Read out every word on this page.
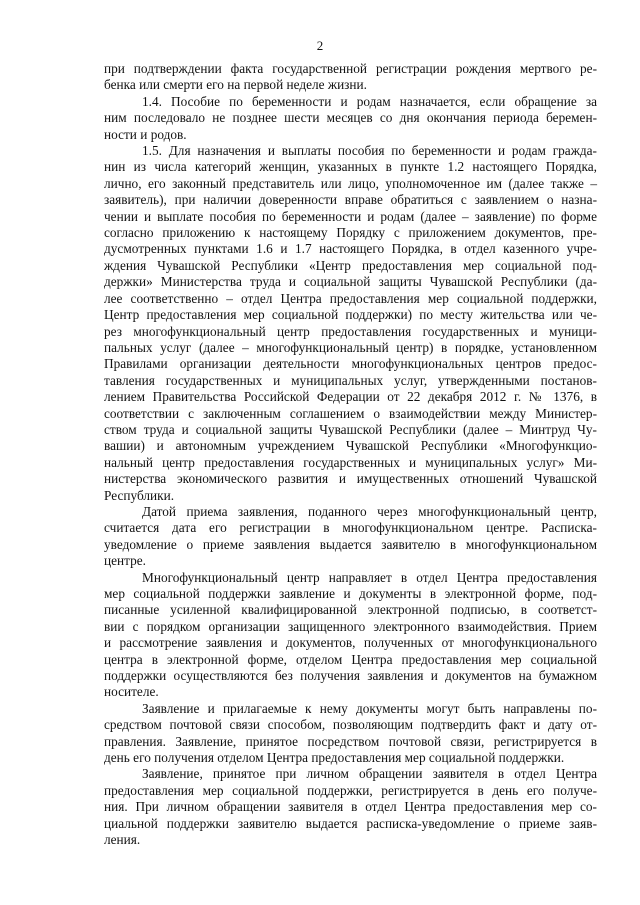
2
при подтверждении факта государственной регистрации рождения мертвого ре-
бенка или смерти его на первой неделе жизни.
1.4. Пособие по беременности и родам назначается, если обращение за
ним последовало не позднее шести месяцев со дня окончания периода беремен-
ности и родов.
1.5. Для назначения и выплаты пособия по беременности и родам гражда-
нин из числа категорий женщин, указанных в пункте 1.2 настоящего Порядка,
лично, его законный представитель или лицо, уполномоченное им (далее также –
заявитель), при наличии доверенности вправе обратиться с заявлением о назна-
чении и выплате пособия по беременности и родам (далее – заявление) по форме
согласно приложению к настоящему Порядку с приложением документов, пре-
дусмотренных пунктами 1.6 и 1.7 настоящего Порядка, в отдел казенного учре-
ждения Чувашской Республики «Центр предоставления мер социальной под-
держки» Министерства труда и социальной защиты Чувашской Республики (да-
лее соответственно – отдел Центра предоставления мер социальной поддержки,
Центр предоставления мер социальной поддержки) по месту жительства или че-
рез многофункциональный центр предоставления государственных и муници-
пальных услуг (далее – многофункциональный центр) в порядке, установленном
Правилами организации деятельности многофункциональных центров предос-
тавления государственных и муниципальных услуг, утвержденными постанов-
лением Правительства Российской Федерации от 22 декабря 2012 г. № 1376, в
соответствии с заключенным соглашением о взаимодействии между Министер-
ством труда и социальной защиты Чувашской Республики (далее – Минтруд Чу-
вашии) и автономным учреждением Чувашской Республики «Многофункцио-
нальный центр предоставления государственных и муниципальных услуг» Ми-
нистерства экономического развития и имущественных отношений Чувашской
Республики.
Датой приема заявления, поданного через многофункциональный центр,
считается дата его регистрации в многофункциональном центре. Расписка-
уведомление о приеме заявления выдается заявителю в многофункциональном
центре.
Многофункциональный центр направляет в отдел Центра предоставления
мер социальной поддержки заявление и документы в электронной форме, под-
писанные усиленной квалифицированной электронной подписью, в соответст-
вии с порядком организации защищенного электронного взаимодействия. Прием
и рассмотрение заявления и документов, полученных от многофункционального
центра в электронной форме, отделом Центра предоставления мер социальной
поддержки осуществляются без получения заявления и документов на бумажном
носителе.
Заявление и прилагаемые к нему документы могут быть направлены по-
средством почтовой связи способом, позволяющим подтвердить факт и дату от-
правления. Заявление, принятое посредством почтовой связи, регистрируется в
день его получения отделом Центра предоставления мер социальной поддержки.
Заявление, принятое при личном обращении заявителя в отдел Центра
предоставления мер социальной поддержки, регистрируется в день его получе-
ния. При личном обращении заявителя в отдел Центра предоставления мер со-
циальной поддержки заявителю выдается расписка-уведомление о приеме заяв-
ления.
